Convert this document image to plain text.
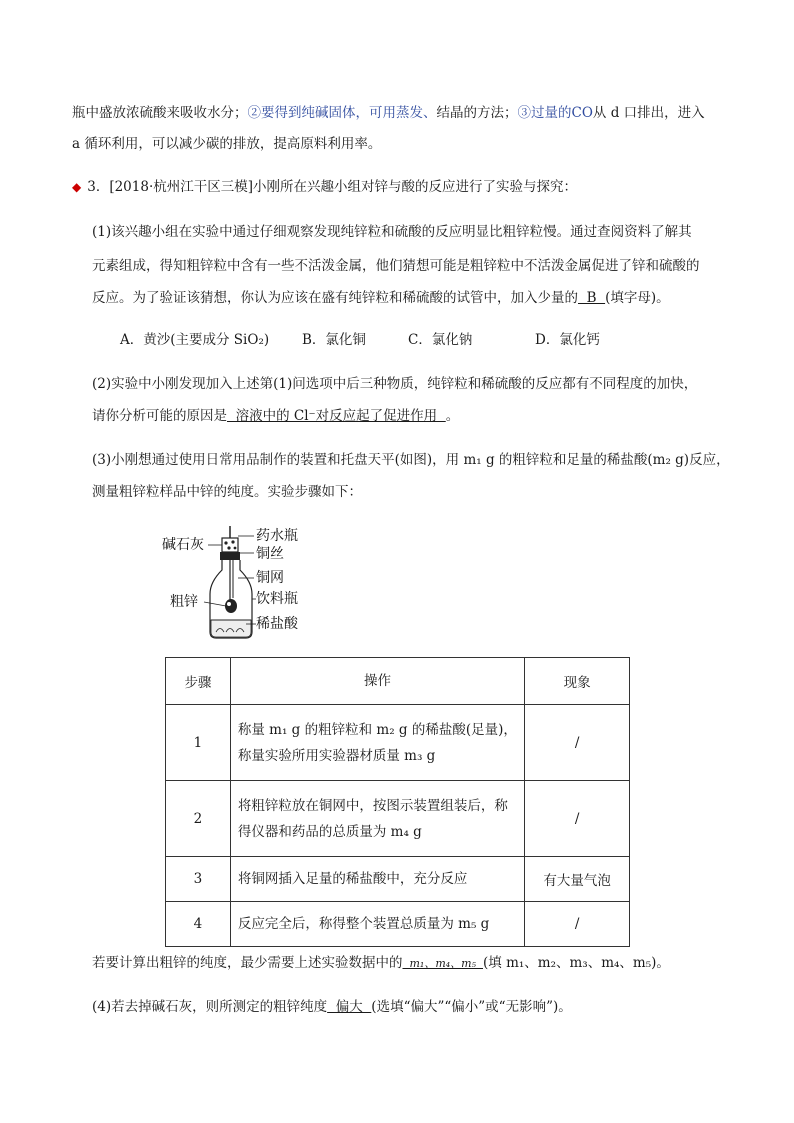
瓶中盛放浓硫酸来吸收水分；②要得到纯碱固体，可用蒸发、结晶的方法；③过量的CO从 d 口排出，进入
a 循环利用，可以减少碳的排放，提高原料利用率。
◆ 3．[2018·杭州江干区三模]小刚所在兴趣小组对锌与酸的反应进行了实验与探究：
(1)该兴趣小组在实验中通过仔细观察发现纯锌粒和硫酸的反应明显比粗锌粒慢。通过查阅资料了解其
元素组成，得知粗锌粒中含有一些不活泼金属，他们猜想可能是粗锌粒中不活泼金属促进了锌和硫酸的
反应。为了验证该猜想，你认为应该在盛有纯锌粒和稀硫酸的试管中，加入少量的  B  (填字母)。
A．黄沙(主要成分 SiO₂) B．氯化铜	C．氯化钠	D．氯化钙
(2)实验中小刚发现加入上述第(1)问选项中后三种物质，纯锌粒和稀硫酸的反应都有不同程度的加快，
请你分析可能的原因是  溶液中的 Cl⁻对反应起了促进作用  。
(3)小刚想通过使用日常用品制作的装置和托盘天平(如图)，用 m₁ g 的粗锌粒和足量的稀盐酸(m₂ g)反应，
测量粗锌粒样品中锌的纯度。实验步骤如下：
碱石灰
药水瓶
铜丝
铜网
粗锌	饮料瓶
稀盐酸
步骤	操作	现象
1	称量 m₁ g 的粗锌粒和 m₂ g 的稀盐酸(足量)，称量实验所用实验器材质量 m₃ g	/
2	将粗锌粒放在铜网中，按图示装置组装后，称得仪器和药品的总质量为 m₄ g	/
3	将铜网插入足量的稀盐酸中，充分反应	有大量气泡
4	反应完全后，称得整个装置总质量为 m₅ g	/
若要计算出粗锌的纯度，最少需要上述实验数据中的  m₁、m₄、m₅  (填 m₁、m₂、m₃、m₄、m₅)。
(4)若去掉碱石灰，则所测定的粗锌纯度  偏大  (选填“偏大”“偏小”或“无影响”)。
